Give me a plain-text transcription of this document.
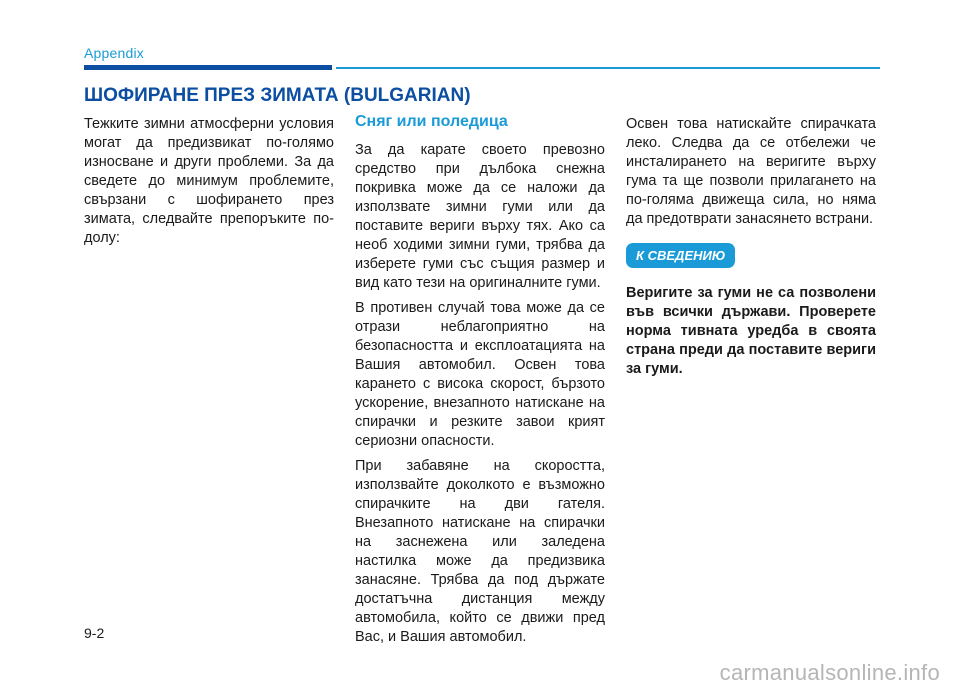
Appendix
ШОФИРАНЕ ПРЕЗ ЗИМАТА (BULGARIAN)

Тежките зимни атмосферни условия могат да предизвикат по-голямо износване и други проблеми. За да сведете до минимум проблемите, свързани с шофирането през зимата, следвайте препоръките по-долу:

Сняг или поледица

За да карате своето превозно средство при дълбока снежна покривка може да се наложи да използвате зимни гуми или да поставите вериги върху тях. Ако са необ ходими зимни гуми, трябва да изберете гуми със същия размер и вид като тези на оригиналните гуми.

В противен случай това може да се отрази неблагоприятно на безопасността и експлоатацията на Вашия автомобил. Освен това карането с висока скорост, бързото ускорение, внезапното натискане на спирачки и резките завои крият сериозни опасности.

При забавяне на скоростта, използвайте доколкото е възможно спирачките на дви гателя. Внезапното натискане на спирачки на заснежена или заледена настилка може да предизвика занасяне. Трябва да под държате достатъчна дистанция между автомобила, който се движи пред Вас, и Вашия автомобил.

Освен това натискайте спирачката леко. Следва да се отбележи че инсталирането на веригите върху гума та ще позволи прилагането на по-голяма движеща сила, но няма да предотврати занасянето встрани.

К СВЕДЕНИЮ

Веригите за гуми не са позволени във всички държави. Проверете норма тивната уредба в своята страна преди да поставите вериги за гуми.

9-2
carmanualsonline.info
